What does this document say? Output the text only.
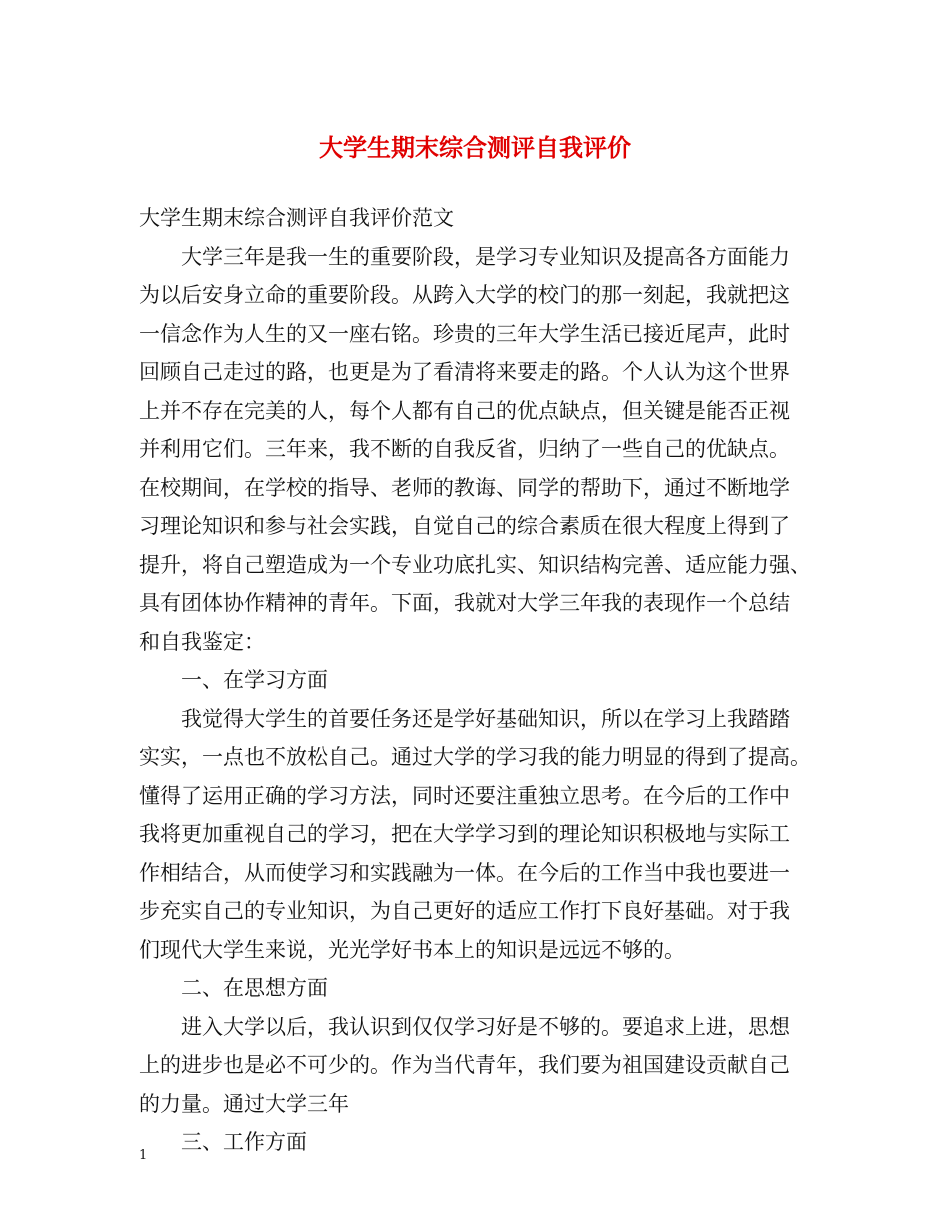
大学生期末综合测评自我评价
大学生期末综合测评自我评价范文
大学三年是我一生的重要阶段，是学习专业知识及提高各方面能力
为以后安身立命的重要阶段。从跨入大学的校门的那一刻起，我就把这
一信念作为人生的又一座右铭。珍贵的三年大学生活已接近尾声，此时
回顾自己走过的路，也更是为了看清将来要走的路。个人认为这个世界
上并不存在完美的人，每个人都有自己的优点缺点，但关键是能否正视
并利用它们。三年来，我不断的自我反省，归纳了一些自己的优缺点。
在校期间，在学校的指导、老师的教诲、同学的帮助下，通过不断地学
习理论知识和参与社会实践，自觉自己的综合素质在很大程度上得到了
提升，将自己塑造成为一个专业功底扎实、知识结构完善、适应能力强、
具有团体协作精神的青年。下面，我就对大学三年我的表现作一个总结
和自我鉴定：
一、在学习方面
我觉得大学生的首要任务还是学好基础知识，所以在学习上我踏踏
实实，一点也不放松自己。通过大学的学习我的能力明显的得到了提高。
懂得了运用正确的学习方法，同时还要注重独立思考。在今后的工作中
我将更加重视自己的学习，把在大学学习到的理论知识积极地与实际工
作相结合，从而使学习和实践融为一体。在今后的工作当中我也要进一
步充实自己的专业知识，为自己更好的适应工作打下良好基础。对于我
们现代大学生来说，光光学好书本上的知识是远远不够的。
二、在思想方面
进入大学以后，我认识到仅仅学习好是不够的。要追求上进，思想
上的进步也是必不可少的。作为当代青年，我们要为祖国建设贡献自己
的力量。通过大学三年
三、工作方面
1
